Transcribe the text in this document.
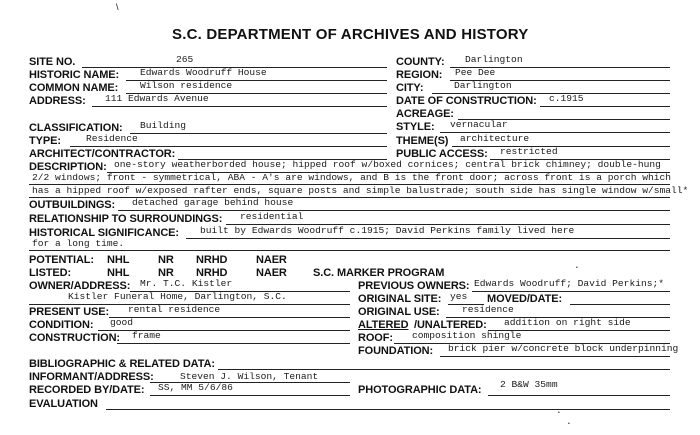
S.C. DEPARTMENT OF ARCHIVES AND HISTORY
\
SITE NO.	265
HISTORIC NAME: Edwards Woodruff House
COMMON NAME: Wilson residence
ADDRESS: 111 Edwards Avenue
CLASSIFICATION: Building
TYPE:	Residence
ARCHITECT/CONTRACTOR:
COUNTY: Darlington
REGION: Pee Dee
CITY:	Darlington
DATE OF CONSTRUCTION: c.1915
ACREAGE:
STYLE: vernacular
THEME(S) architecture
PUBLIC ACCESS: restricted
DESCRIPTION: one-story weatherborded house; hipped roof w/boxed cornices; central brick chimney; double-hung
2/2 windows; front - symmetrical, ABA - A's are windows, and B is the front door; across front is a porch which
has a hipped roof w/exposed rafter ends, square posts and simple balustrade; south side has single window w/small*
OUTBUILDINGS: detached garage behind house
RELATIONSHIP TO SURROUNDINGS: residential
HISTORICAL SIGNIFICANCE: built by Edwards Woodruff c.1915; David Perkins family lived here
for a long time.
POTENTIAL: NHL	NR NRHD	NAER
LISTED:	NHL	NR NRHD	NAER S.C. MARKER PROGRAM
OWNER/ADDRESS: Mr. T.C. Kistler
Kistler Funeral Home, Darlington, S.C.
PRESENT USE: rental residence
CONDITION: good
CONSTRUCTION: frame
·
PREVIOUS OWNERS: Edwards Woodruff; David Perkins;*
ORIGINAL SITE: yes MOVED/DATE:
ORIGINAL USE: residence
ALTERED /UNALTERED: addition on right side
ROOF: composition shingle
FOUNDATION: brick pier w/concrete block underpinning
BIBLIOGRAPHIC & RELATED DATA:
INFORMANT/ADDRESS:	Steven J. Wilson, Tenant
RECORDED BY/DATE: SS, MM 5/6/86	PHOTOGRAPHIC DATA: 2 B&W 35mm
EVALUATION
·
·
